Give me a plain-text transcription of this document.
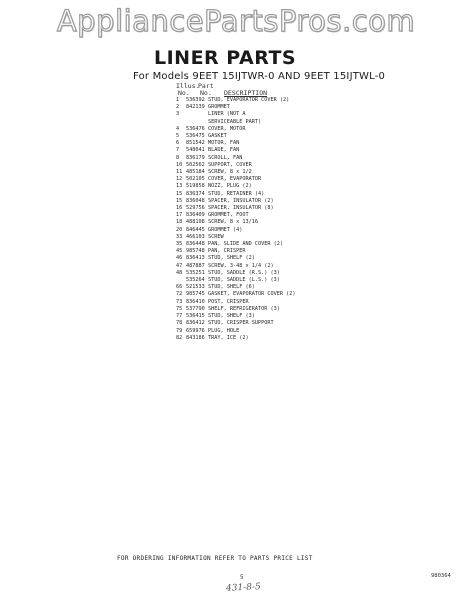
AppliancePartsPros.com
LINER PARTS
For Models 9EET 15IJTWR-0 AND 9EET 15IJTWL-0
Illus.
Part
No. No. DESCRIPTION
1	536392 STUD, EVAPORATOR COVER (2)
2	842139 GROMMET
3	LINER (NOT A
SERVICEABLE PART)
4	536476 COVER, MOTOR
5	536475 GASKET
6	851542 MOTOR, FAN
7	548041 BLADE, FAN
8	836179 SCROLL, FAN
10 502562 SUPPORT, COVER
11 485184 SCREW, 8 x 1/2
12 502105 COVER, EVAPORATOR
13 519858 NOZZ, PLUG (2)
15 836374 STUD, RETAINER (4)
15 836048 SPACER, INSULATOR (2)
16 529756 SPACER, INSULATOR (8)
17 836409 GROMMET, FOOT
18 488108 SCREW, 8 x 13/16
20 846445 GROMMET (4)
33 466103 SCREW
35 836448 PAN, SLIDE AND COVER (2)
45 985748 PAN, CRISPER
46 836413 STUD, SHELF (2)
47 487887 SCREW, 3-48 x 1/4 (2)
48 535251 STUD, SADDLE (R.S.) (3)
535264 STUD, SADDLE (L.S.) (3)
66 521533 STUD, SHELF (6)
72 985745 GASKET, EVAPORATOR COVER (2)
73 836410 POST, CRISPER
75 537790 SHELF, REFRIGERATOR (3)
77 536415 STUD, SHELF (3)
78 836412 STUD, CRISPER SUPPORT
79 659976 PLUG, HOLE
82 843186 TRAY, ICE (2)
FOR ORDERING INFORMATION REFER TO PARTS PRICE LIST
5	980364
431-8-5
